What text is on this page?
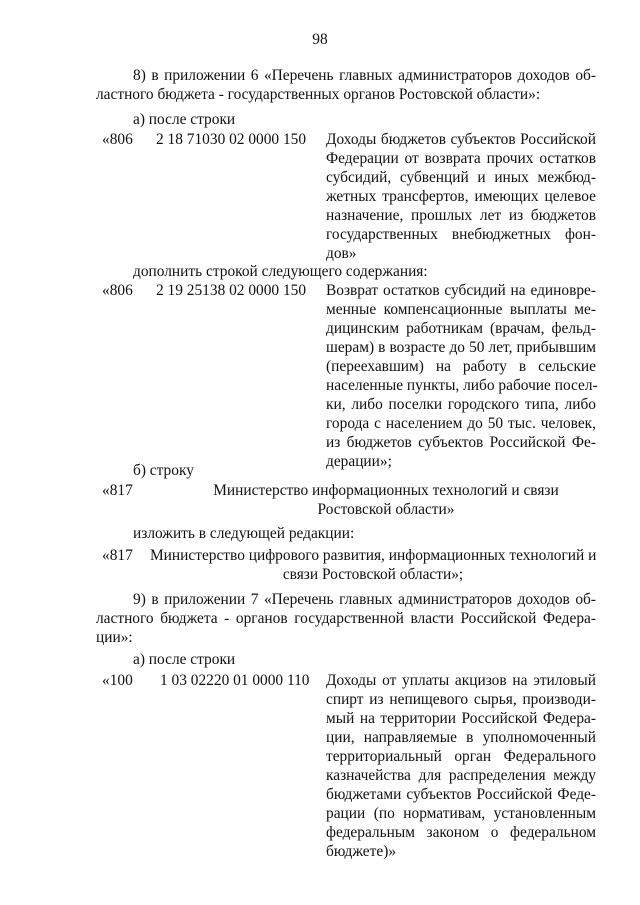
98
8) в приложении 6 «Перечень главных администраторов доходов об-
ластного бюджета - государственных органов Ростовской области»:
а) после строки
«806 2 18 71030 02 0000 150 Доходы бюджетов субъектов Российской
Федерации от возврата прочих остатков
субсидий, субвенций и иных межбюд-
жетных трансфертов, имеющих целевое
назначение, прошлых лет из бюджетов
государственных внебюджетных фон-
дов»
дополнить строкой следующего содержания:
«806 2 19 25138 02 0000 150 Возврат остатков субсидий на единовре-
менные компенсационные выплаты ме-
дицинским работникам (врачам, фельд-
шерам) в возрасте до 50 лет, прибывшим
(переехавшим) на работу в сельские
населенные пункты, либо рабочие посел-
ки, либо поселки городского типа, либо
города с населением до 50 тыс. человек,
из бюджетов субъектов Российской Фе-
дерации»;
б) строку
«817	Министерство информационных технологий и связи
Ростовской области»
изложить в следующей редакции:
«817 Министерство цифрового развития, информационных технологий и
связи Ростовской области»;
9) в приложении 7 «Перечень главных администраторов доходов об-
ластного бюджета - органов государственной власти Российской Федера-
ции»:
а) после строки
«100 1 03 02220 01 0000 110 Доходы от уплаты акцизов на этиловый
спирт из непищевого сырья, производи-
мый на территории Российской Федера-
ции, направляемые в уполномоченный
территориальный орган Федерального
казначейства для распределения между
бюджетами субъектов Российской Феде-
рации (по нормативам, установленным
федеральным законом о федеральном
бюджете)»
